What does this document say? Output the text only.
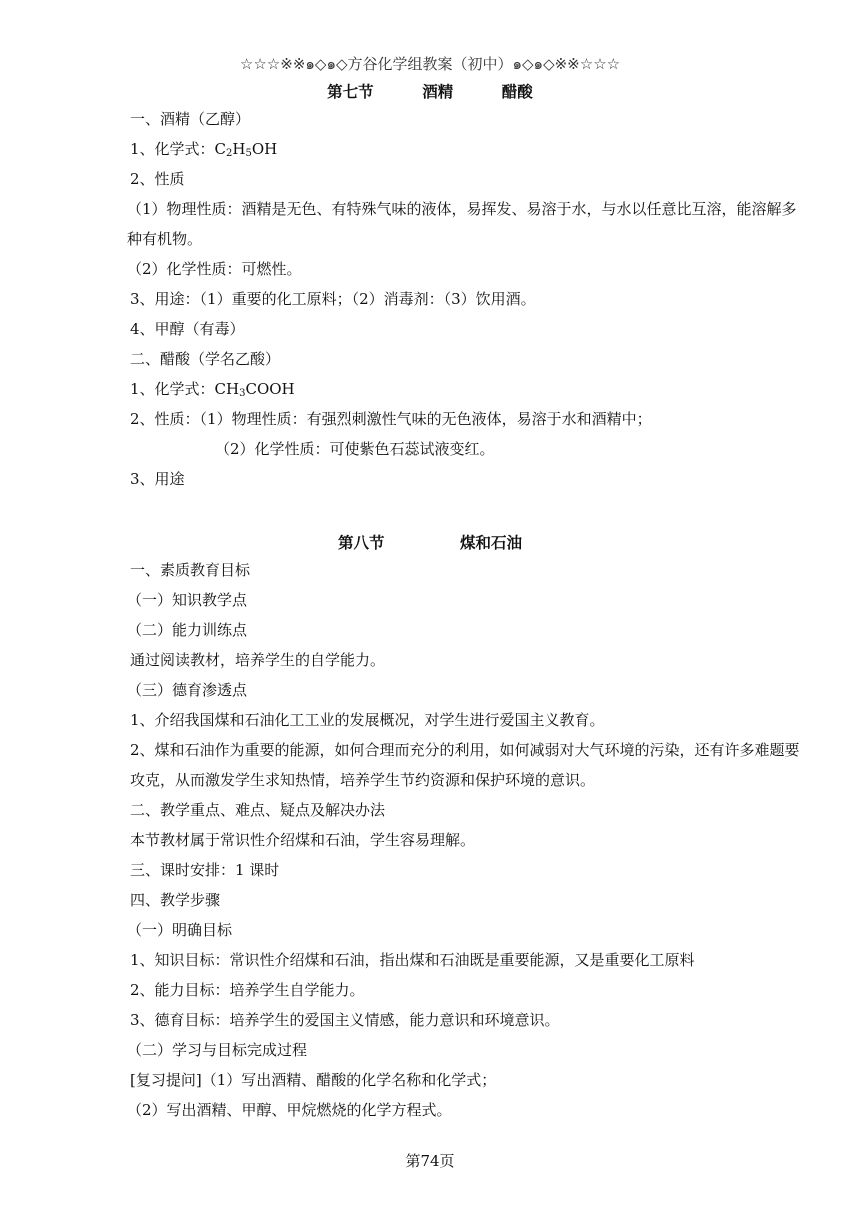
☆☆☆※※๑◇๑◇方谷化学组教案（初中）๑◇๑◇※※☆☆☆
第七节         酒精         醋酸
一、酒精（乙醇）
1、化学式：$C_2H_5OH$
2、性质
（1）物理性质：酒精是无色、有特殊气味的液体，易挥发、易溶于水，与水以任意比互溶，能溶解多种有机物。
（2）化学性质：可燃性。
3、用途：（1）重要的化工原料；（2）消毒剂：（3）饮用酒。
4、甲醇（有毒）
二、醋酸（学名乙酸）
1、化学式：$CH_3COOH$
2、性质：（1）物理性质：有强烈刺激性气味的无色液体，易溶于水和酒精中；
（2）化学性质：可使紫色石蕊试液变红。
3、用途
第八节              煤和石油
一、素质教育目标
（一）知识教学点
（二）能力训练点
通过阅读教材，培养学生的自学能力。
（三）德育渗透点
1、介绍我国煤和石油化工工业的发展概况，对学生进行爱国主义教育。
2、煤和石油作为重要的能源，如何合理而充分的利用，如何减弱对大气环境的污染，还有许多难题要攻克，从而激发学生求知热情，培养学生节约资源和保护环境的意识。
二、教学重点、难点、疑点及解决办法
本节教材属于常识性介绍煤和石油，学生容易理解。
三、课时安排：1 课时
四、教学步骤
（一）明确目标
1、知识目标：常识性介绍煤和石油，指出煤和石油既是重要能源，又是重要化工原料
2、能力目标：培养学生自学能力。
3、德育目标：培养学生的爱国主义情感，能力意识和环境意识。
（二）学习与目标完成过程
[复习提问]（1）写出酒精、醋酸的化学名称和化学式；
（2）写出酒精、甲醇、甲烷燃烧的化学方程式。
第74页
